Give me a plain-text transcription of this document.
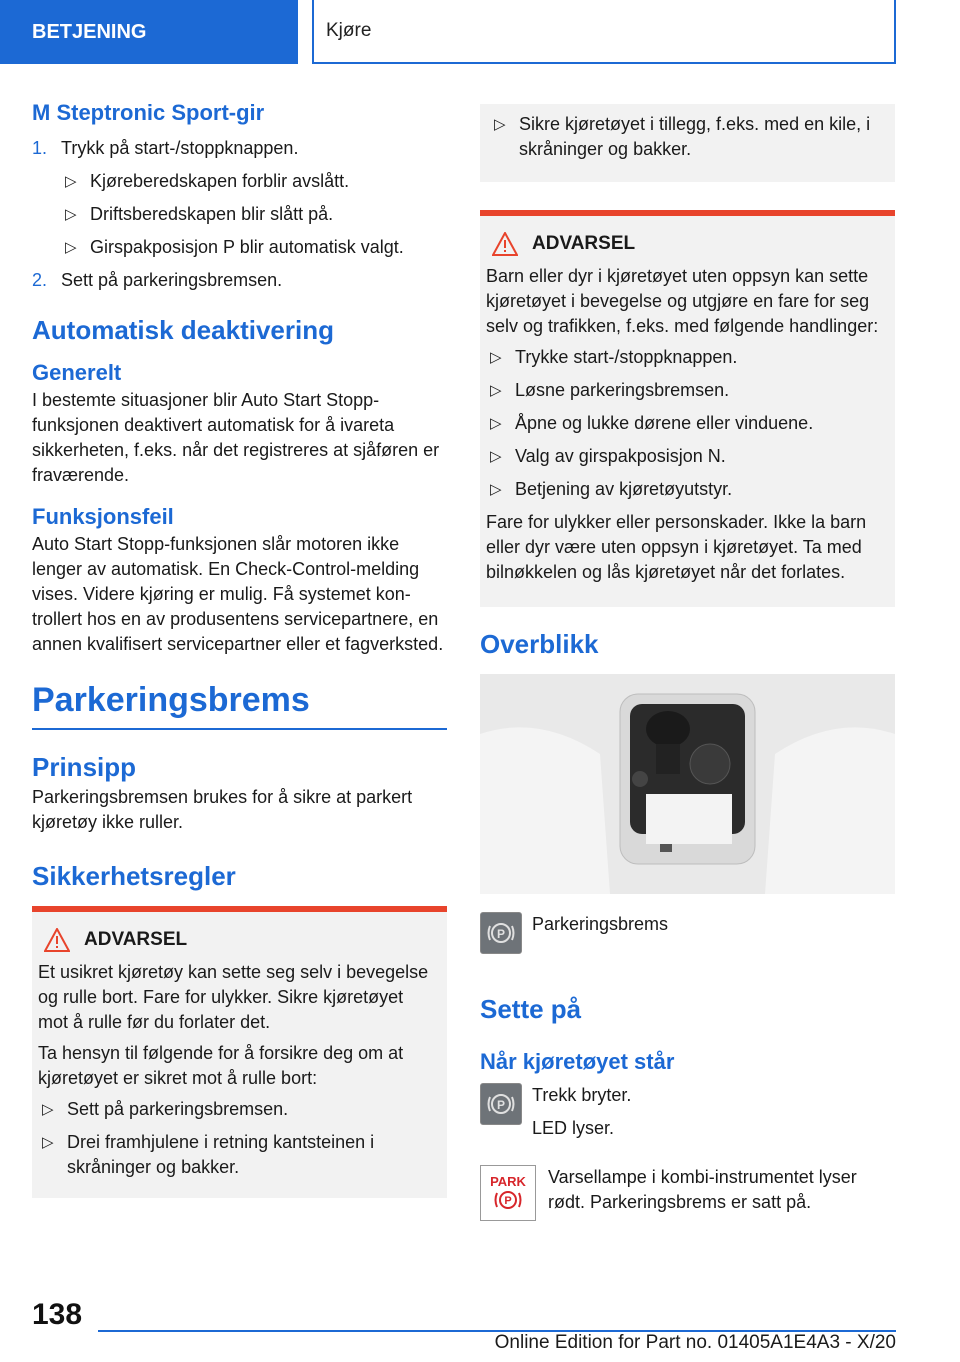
BETJENING	Kjøre
M Steptronic Sport-gir
1. Trykk på start-/stoppknappen.
▷ Kjøreberedskapen forblir avslått.
▷ Driftsberedskapen blir slått på.
▷ Girspakposisjon P blir automatisk valgt.
2. Sett på parkeringsbremsen.
Automatisk deaktivering
Generelt

I bestemte situasjoner blir Auto Start Stopp-funksjonen deaktivert automatisk for å ivareta sikkerheten, f.eks. når det registreres at sjåføren er fraværende.

Funksjonsfeil

Auto Start Stopp-funksjonen slår motoren ikke lenger av automatisk. En Check-Control-melding vises. Videre kjøring er mulig. Få systemet kontrollert hos en av produsentens servicepartnere, en annen kvalifisert servicepartner eller et fagverksted.

Parkeringsbrems
Prinsipp

Parkeringsbremsen brukes for å sikre at parkert kjøretøy ikke ruller.

Sikkerhetsregler
ADVARSEL

Et usikret kjøretøy kan sette seg selv i bevegelse og rulle bort. Fare for ulykker. Sikre kjøretøyet mot å rulle før du forlater det.

Ta hensyn til følgende for å forsikre deg om at kjøretøyet er sikret mot å rulle bort:

▷ Sett på parkeringsbremsen.
▷ Drei framhjulene i retning kantsteinen i skråninger og bakker.
▷ Sikre kjøretøyet i tillegg, f.eks. med en kile, i skråninger og bakker.
ADVARSEL

Barn eller dyr i kjøretøyet uten oppsyn kan sette kjøretøyet i bevegelse og utgjøre en fare for seg selv og trafikken, f.eks. med følgende handlinger:

▷ Trykke start-/stoppknappen.
▷ Løsne parkeringsbremsen.
▷ Åpne og lukke dørene eller vinduene.
▷ Valg av girspakposisjon N.
▷ Betjening av kjøretøyutstyr.

Fare for ulykker eller personskader. Ikke la barn eller dyr være uten oppsyn i kjøretøyet. Ta med bilnøkkelen og lås kjøretøyet når det forlates.

Overblikk
P Parkeringsbrems
Sette på
Når kjøretøyet står
P Trekk bryter.

LED lyser.

PARK
P

Varsellampe i kombi-instrumentet lyser rødt. Parkeringsbrems er satt på.

138
Online Edition for Part no. 01405A1E4A3 - X/20
